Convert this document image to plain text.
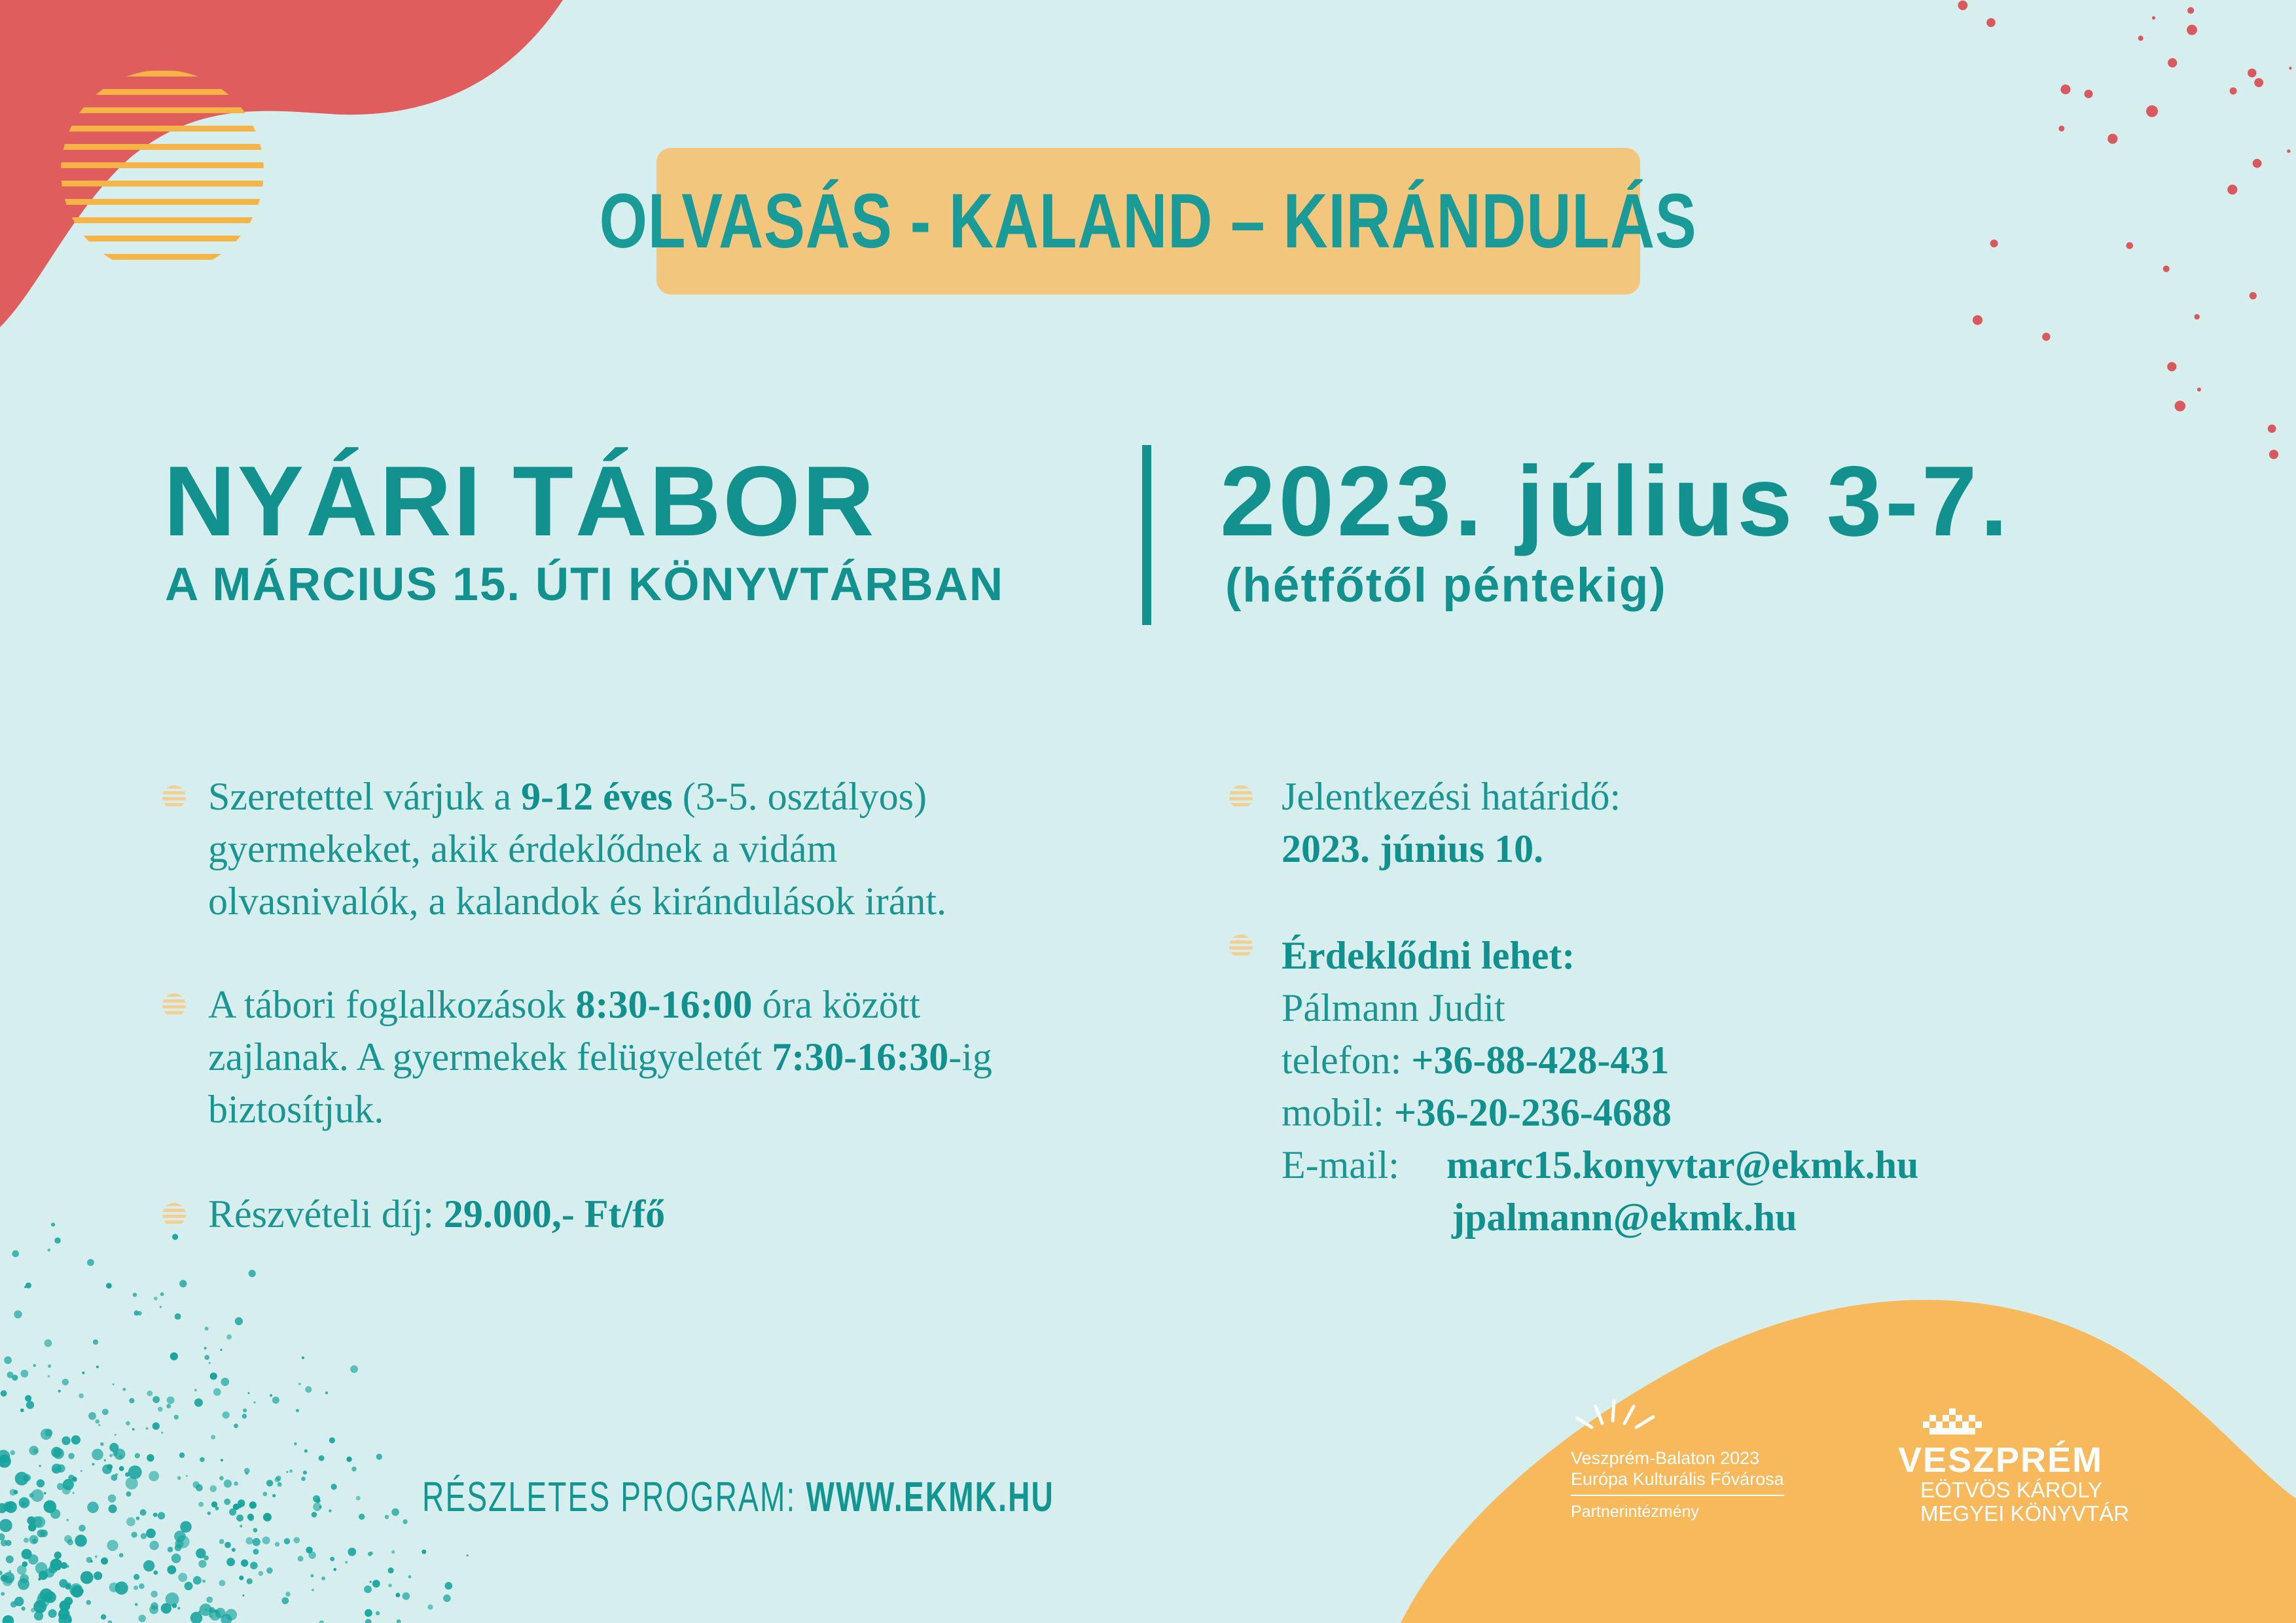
OLVASÁS - KALAND – KIRÁNDULÁS
NYÁRI TÁBOR
A MÁRCIUS 15. ÚTI KÖNYVTÁRBAN
2023. július 3-7.
(hétfőtől péntekig)
Szeretettel várjuk a 9-12 éves (3-5. osztályos)
gyermekeket, akik érdeklődnek a vidám
olvasnivalók, a kalandok és kirándulások iránt.
A tábori foglalkozások 8:30-16:00 óra között
zajlanak. A gyermekek felügyeletét 7:30-16:30-ig
biztosítjuk.
Részvételi díj: 29.000,- Ft/fő
Jelentkezési határidő:
2023. június 10.
Érdeklődni lehet:
Pálmann Judit
telefon: +36-88-428-431
mobil: +36-20-236-4688
E-mail: marc15.konyvtar@ekmk.hu
jpalmann@ekmk.hu
RÉSZLETES PROGRAM: WWW.EKMK.HU
Veszprém-Balaton 2023
Európa Kulturális Fővárosa
Partnerintézmény
VESZPRÉM
EÖTVÖS KÁROLY
MEGYEI KÖNYVTÁR
